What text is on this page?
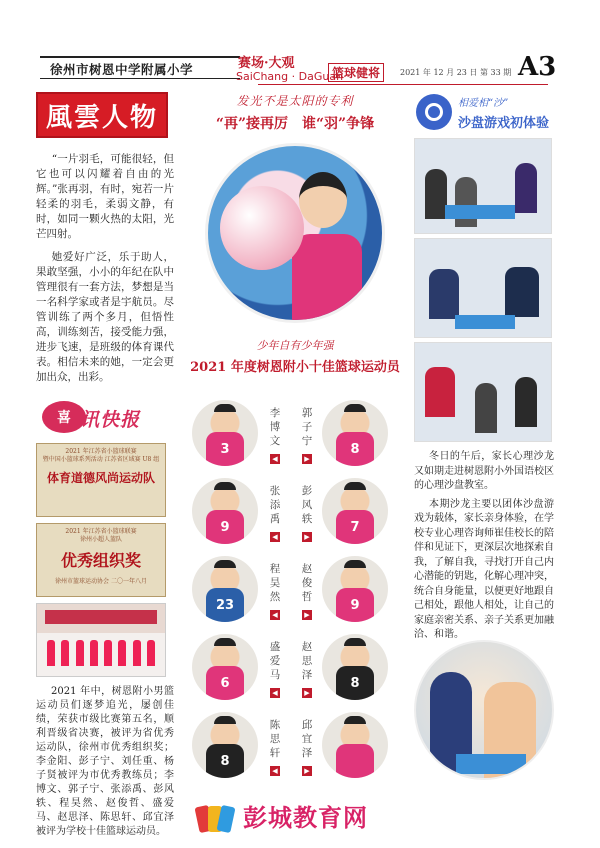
徐州市树恩中学附属小学	赛场·大观
SaiChang · DaGuan
篮球健将	2021 年 12 月 23 日 第 33 期 A3
風雲人物

“一片羽毛，可能很轻，但它也可以闪耀着自由的光辉。”张再羽，有时，宛若一片轻柔的羽毛，柔弱文静，有时，如同一颗火热的太阳，光芒四射。

她爱好广泛，乐于助人，果敢坚强，小小的年纪在队中管理很有一套方法，梦想是当一名科学家或者是宇航员。尽管训练了两个多月，但悟性高，训练刻苦，接受能力强，进步飞速，是班级的体育课代表。相信未来的她，一定会更加出众，出彩。

喜 讯快报
2021 年江苏省小篮球联赛
暨中国小篮球系列活动 江苏省区域赛 U8 组
体育道德风尚运动队
2021 年江苏省小篮球联赛
徐州小超人篮队
优秀组织奖
徐州市篮球运动协会 二〇一年八月
2021 年中，树恩附小男篮运动员们逐梦追光，屡创佳绩，荣获市级比赛第五名，顺利晋级省决赛，被评为省优秀运动队，徐州市优秀组织奖；李金阳、彭子宁、刘任重、杨子贤被评为市优秀教练员；李博文、郭子宁、张添禹、彭风轶、程昊然、赵俊哲、盛爱马、赵思泽、陈思轩、邱宜泽被评为学校十佳篮球运动员。
发光不是太阳的专利
“再”接再厉　谁“羽”争锋
少年自有少年强
2021 年度树恩附小十佳篮球运动员
3
李博文
◀
8
郭子宁
▶
9
张添禹
◀
7
彭风轶
▶
23
程昊然
◀
9
赵俊哲
▶
6
盛爱马
◀
8
赵思泽
▶
8
陈思轩
◀
邱宜泽
▶
相爱相“沙”
沙盘游戏初体验

冬日的午后，家长心理沙龙又如期走进树恩附小外国语校区的心理沙盘教室。

本期沙龙主要以团体沙盘游戏为载体，家长亲身体验，在学校专业心理咨询师崔佳校长的陪伴和见证下，更深层次地探索自我，了解自我，寻找打开自己内心潜能的钥匙，化解心理冲突，统合自身能量，以便更好地跟自己相处，跟他人相处，让自己的家庭亲密关系、亲子关系更加融洽、和谐。

彭城教育网
